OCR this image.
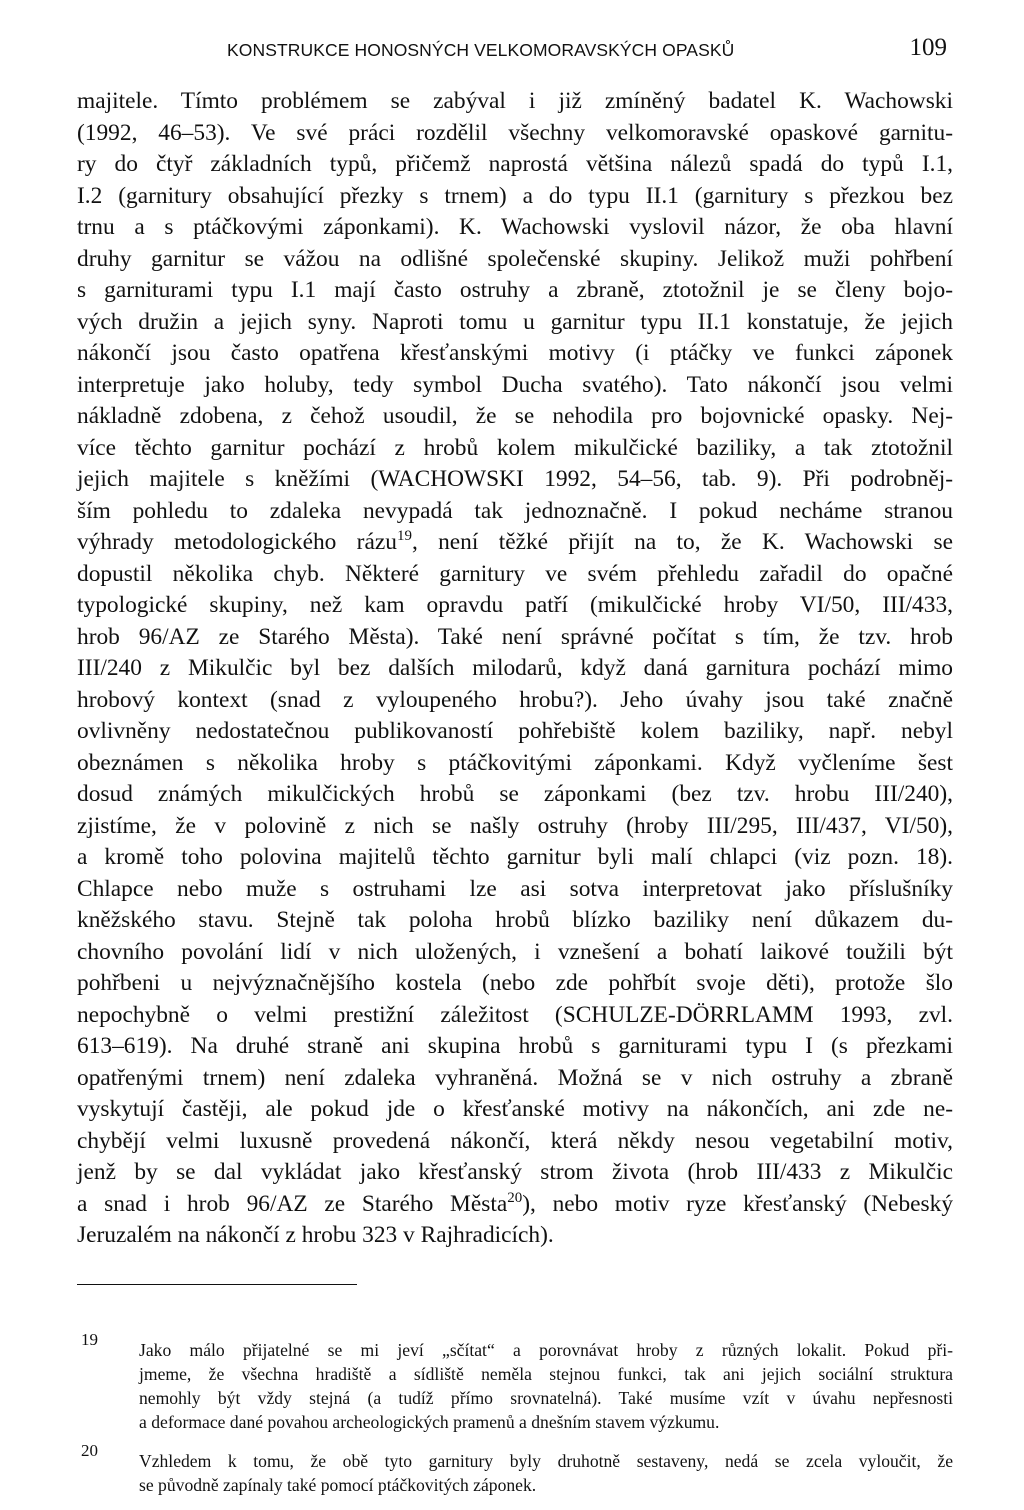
KONSTRUKCE HONOSNÝCH VELKOMORAVSKÝCH OPASKŮ	109
majitele. Tímto problémem se zabýval i již zmíněný badatel K. Wachowski
(1992, 46–53). Ve své práci rozdělil všechny velkomoravské opaskové garnitu-
ry do čtyř základních typů, přičemž naprostá většina nálezů spadá do typů I.1,
I.2 (garnitury obsahující přezky s trnem) a do typu II.1 (garnitury s přezkou bez
trnu a s ptáčkovými záponkami). K. Wachowski vyslovil názor, že oba hlavní
druhy garnitur se vážou na odlišné společenské skupiny. Jelikož muži pohřbení
s garniturami typu I.1 mají často ostruhy a zbraně, ztotožnil je se členy bojo-
vých družin a jejich syny. Naproti tomu u garnitur typu II.1 konstatuje, že jejich
nákončí jsou často opatřena křesťanskými motivy (i ptáčky ve funkci záponek
interpretuje jako holuby, tedy symbol Ducha svatého). Tato nákončí jsou velmi
nákladně zdobena, z čehož usoudil, že se nehodila pro bojovnické opasky. Nej-
více těchto garnitur pochází z hrobů kolem mikulčické baziliky, a tak ztotožnil
jejich majitele s kněžími (WACHOWSKI 1992, 54–56, tab. 9). Při podrobněj-
ším pohledu to zdaleka nevypadá tak jednoznačně. I pokud necháme stranou
výhrady metodologického rázu$^{19}$, není těžké přijít na to, že K. Wachowski se
dopustil několika chyb. Některé garnitury ve svém přehledu zařadil do opačné
typologické skupiny, než kam opravdu patří (mikulčické hroby VI/50, III/433,
hrob 96/AZ ze Starého Města). Také není správné počítat s tím, že tzv. hrob
III/240 z Mikulčic byl bez dalších milodarů, když daná garnitura pochází mimo
hrobový kontext (snad z vyloupeného hrobu?). Jeho úvahy jsou také značně
ovlivněny nedostatečnou publikovaností pohřebiště kolem baziliky, např. nebyl
obeznámen s několika hroby s ptáčkovitými záponkami. Když vyčleníme šest
dosud známých mikulčických hrobů se záponkami (bez tzv. hrobu III/240),
zjistíme, že v polovině z nich se našly ostruhy (hroby III/295, III/437, VI/50),
a kromě toho polovina majitelů těchto garnitur byli malí chlapci (viz pozn. 18).
Chlapce nebo muže s ostruhami lze asi sotva interpretovat jako příslušníky
kněžského stavu. Stejně tak poloha hrobů blízko baziliky není důkazem du-
chovního povolání lidí v nich uložených, i vznešení a bohatí laikové toužili být
pohřbeni u nejvýznačnějšího kostela (nebo zde pohřbít svoje děti), protože šlo
nepochybně o velmi prestižní záležitost (SCHULZE-DÖRRLAMM 1993, zvl.
613–619). Na druhé straně ani skupina hrobů s garniturami typu I (s přezkami
opatřenými trnem) není zdaleka vyhraněná. Možná se v nich ostruhy a zbraně
vyskytují častěji, ale pokud jde o křesťanské motivy na nákončích, ani zde ne-
chybějí velmi luxusně provedená nákončí, která někdy nesou vegetabilní motiv,
jenž by se dal vykládat jako křesťanský strom života (hrob III/433 z Mikulčic
a snad i hrob 96/AZ ze Starého Města$^{20}$), nebo motiv ryze křesťanský (Nebeský
Jeruzalém na nákončí z hrobu 323 v Rajhradicích).
19
Jako málo přijatelné se mi jeví „sčítat“ a porovnávat hroby z různých lokalit. Pokud při-
jmeme, že všechna hradiště a sídliště neměla stejnou funkci, tak ani jejich sociální struktura
nemohly být vždy stejná (a tudíž přímo srovnatelná). Také musíme vzít v úvahu nepřesnosti
a deformace dané povahou archeologických pramenů a dnešním stavem výzkumu.
20
Vzhledem k tomu, že obě tyto garnitury byly druhotně sestaveny, nedá se zcela vyloučit, že
se původně zapínaly také pomocí ptáčkovitých záponek.
